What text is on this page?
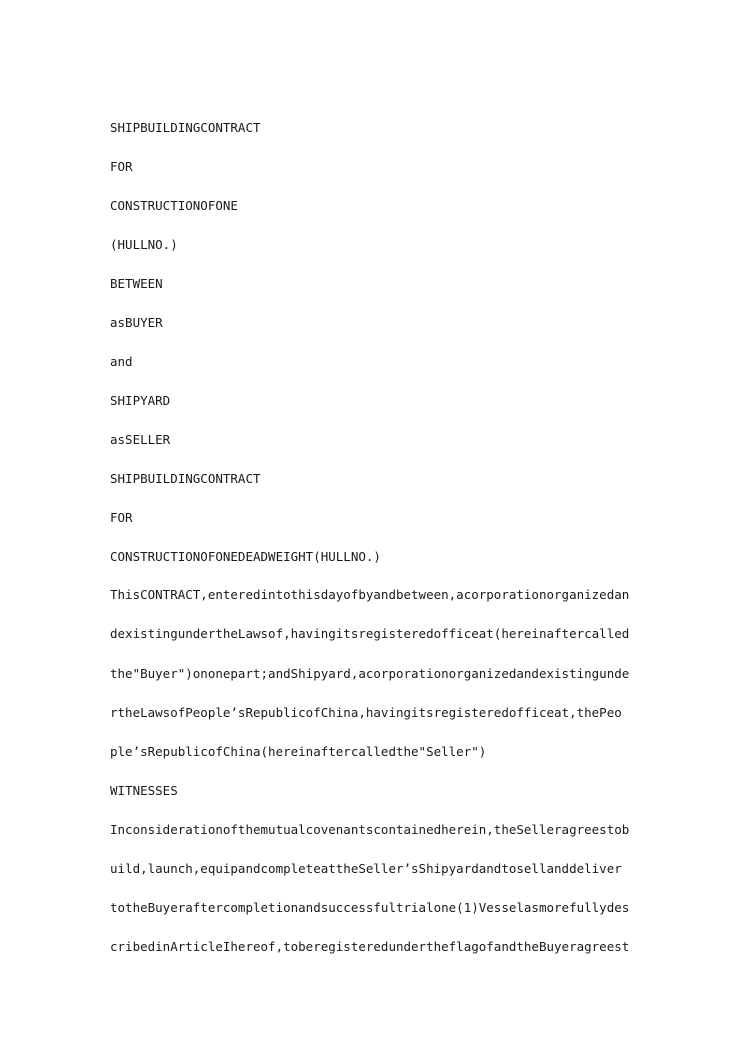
SHIPBUILDINGCONTRACT
FOR
CONSTRUCTIONOFONE
(HULLNO.)
BETWEEN
asBUYER
and
SHIPYARD
asSELLER
SHIPBUILDINGCONTRACT
FOR
CONSTRUCTIONOFONEDEADWEIGHT(HULLNO.)
ThisCONTRACT,enteredintothisdayofbyandbetween,acorporationorganizedan
dexistingundertheLawsof,havingitsregisteredofficeat(hereinaftercalled
the"Buyer")ononepart;andShipyard,acorporationorganizedandexistingunde
rtheLawsofPeople’sRepublicofChina,havingitsregisteredofficeat,thePeo
ple’sRepublicofChina(hereinaftercalledthe"Seller")
WITNESSES
Inconsiderationofthemutualcovenantscontainedherein,theSelleragreestob
uild,launch,equipandcompleteattheSeller’sShipyardandtosellanddeliver
totheBuyeraftercompletionandsuccessfultrialone(1)Vesselasmorefullydes
cribedinArticleIhereof,toberegisteredundertheflagofandtheBuyeragreest
